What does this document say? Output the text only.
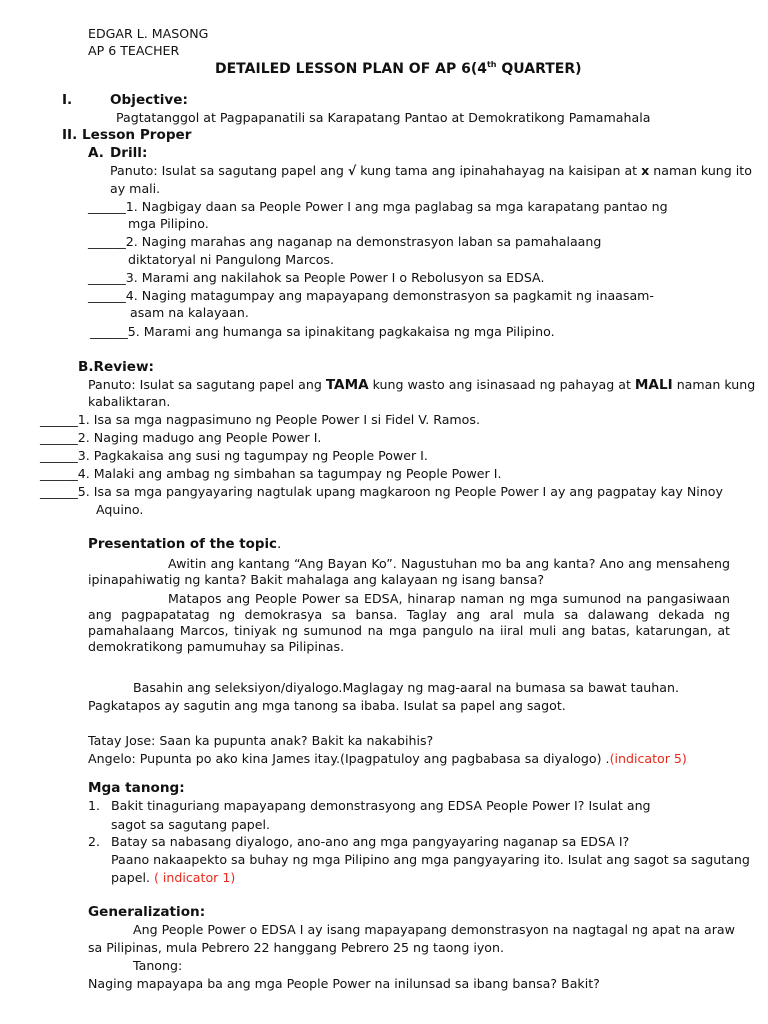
EDGAR L. MASONG
AP 6 TEACHER
DETAILED LESSON PLAN OF AP 6(4th QUARTER)
I.	Objective:
Pagtatanggol at Pagpapanatili sa Karapatang Pantao at Demokratikong Pamamahala
II. Lesson Proper
A. Drill:
Panuto: Isulat sa sagutang papel ang √ kung tama ang ipinahahayag na kaisipan at x naman kung ito
ay mali.
______1. Nagbigay daan sa People Power I ang mga paglabag sa mga karapatang pantao ng
mga Pilipino.
______2. Naging marahas ang naganap na demonstrasyon laban sa pamahalaang
diktatoryal ni Pangulong Marcos.
______3. Marami ang nakilahok sa People Power I o Rebolusyon sa EDSA.
______4. Naging matagumpay ang mapayapang demonstrasyon sa pagkamit ng inaasam-
asam na kalayaan.
______5. Marami ang humanga sa ipinakitang pagkakaisa ng mga Pilipino.
B.Review:
Panuto: Isulat sa sagutang papel ang TAMA kung wasto ang isinasaad ng pahayag at MALI naman kung
kabaliktaran.
______1. Isa sa mga nagpasimuno ng People Power I si Fidel V. Ramos.
______2. Naging madugo ang People Power I.
______3. Pagkakaisa ang susi ng tagumpay ng People Power I.
______4. Malaki ang ambag ng simbahan sa tagumpay ng People Power I.
______5. Isa sa mga pangyayaring nagtulak upang magkaroon ng People Power I ay ang pagpatay kay Ninoy
Aquino.
Presentation of the topic.
Awitin ang kantang “Ang Bayan Ko”. Nagustuhan mo ba ang kanta? Ano ang mensaheng ipinapahiwatig ng kanta? Bakit mahalaga ang kalayaan ng isang bansa?
Matapos ang People Power sa EDSA, hinarap naman ng mga sumunod na pangasiwaan ang pagpapatatag ng demokrasya sa bansa. Taglay ang aral mula sa dalawang dekada ng pamahalaang Marcos, tiniyak ng sumunod na mga pangulo na iiral muli ang batas, katarungan, at demokratikong pamumuhay sa Pilipinas.
Basahin ang seleksiyon/diyalogo.Maglagay ng mag-aaral na bumasa sa bawat tauhan.
Pagkatapos ay sagutin ang mga tanong sa ibaba. Isulat sa papel ang sagot.
Tatay Jose: Saan ka pupunta anak? Bakit ka nakabihis?
Angelo: Pupunta po ako kina James itay.(Ipagpatuloy ang pagbabasa sa diyalogo) .(indicator 5)
Mga tanong:
1. Bakit tinaguriang mapayapang demonstrasyong ang EDSA People Power I? Isulat ang
sagot sa sagutang papel.
2. Batay sa nabasang diyalogo, ano-ano ang mga pangyayaring naganap sa EDSA I?
Paano nakaapekto sa buhay ng mga Pilipino ang mga pangyayaring ito. Isulat ang sagot sa sagutang
papel. ( indicator 1)
Generalization:
Ang People Power o EDSA I ay isang mapayapang demonstrasyon na nagtagal ng apat na araw
sa Pilipinas, mula Pebrero 22 hanggang Pebrero 25 ng taong iyon.
Tanong:
Naging mapayapa ba ang mga People Power na inilunsad sa ibang bansa? Bakit?
